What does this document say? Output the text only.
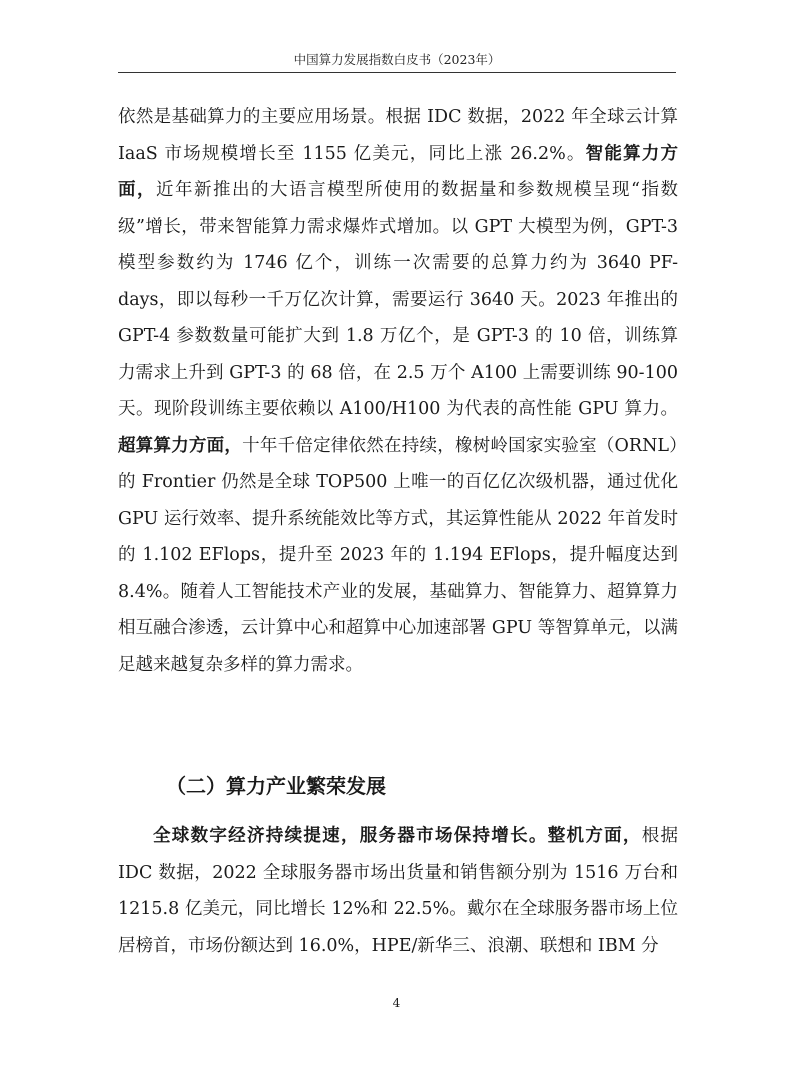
中国算力发展指数白皮书（2023年）

依然是基础算力的主要应用场景。根据 IDC 数据，2022 年全球云计算 IaaS 市场规模增长至 1155 亿美元，同比上涨 26.2%。智能算力方面，近年新推出的大语言模型所使用的数据量和参数规模呈现“指数级”增长，带来智能算力需求爆炸式增加。以 GPT 大模型为例，GPT-3 模型参数约为 1746 亿个，训练一次需要的总算力约为 3640 PF-days，即以每秒一千万亿次计算，需要运行 3640 天。2023 年推出的 GPT-4 参数数量可能扩大到 1.8 万亿个，是 GPT-3 的 10 倍，训练算力需求上升到 GPT-3 的 68 倍，在 2.5 万个 A100 上需要训练 90-100 天。现阶段训练主要依赖以 A100/H100 为代表的高性能 GPU 算力。超算算力方面，十年千倍定律依然在持续，橡树岭国家实验室（ORNL）的 Frontier 仍然是全球 TOP500 上唯一的百亿亿次级机器，通过优化 GPU 运行效率、提升系统能效比等方式，其运算性能从 2022 年首发时的 1.102 EFlops，提升至 2023 年的 1.194 EFlops，提升幅度达到 8.4%。随着人工智能技术产业的发展，基础算力、智能算力、超算算力相互融合渗透，云计算中心和超算中心加速部署 GPU 等智算单元，以满足越来越复杂多样的算力需求。

（二）算力产业繁荣发展

全球数字经济持续提速，服务器市场保持增长。整机方面，根据 IDC 数据，2022 全球服务器市场出货量和销售额分别为 1516 万台和 1215.8 亿美元，同比增长 12%和 22.5%。戴尔在全球服务器市场上位居榜首，市场份额达到 16.0%，HPE/新华三、浪潮、联想和 IBM 分

4
